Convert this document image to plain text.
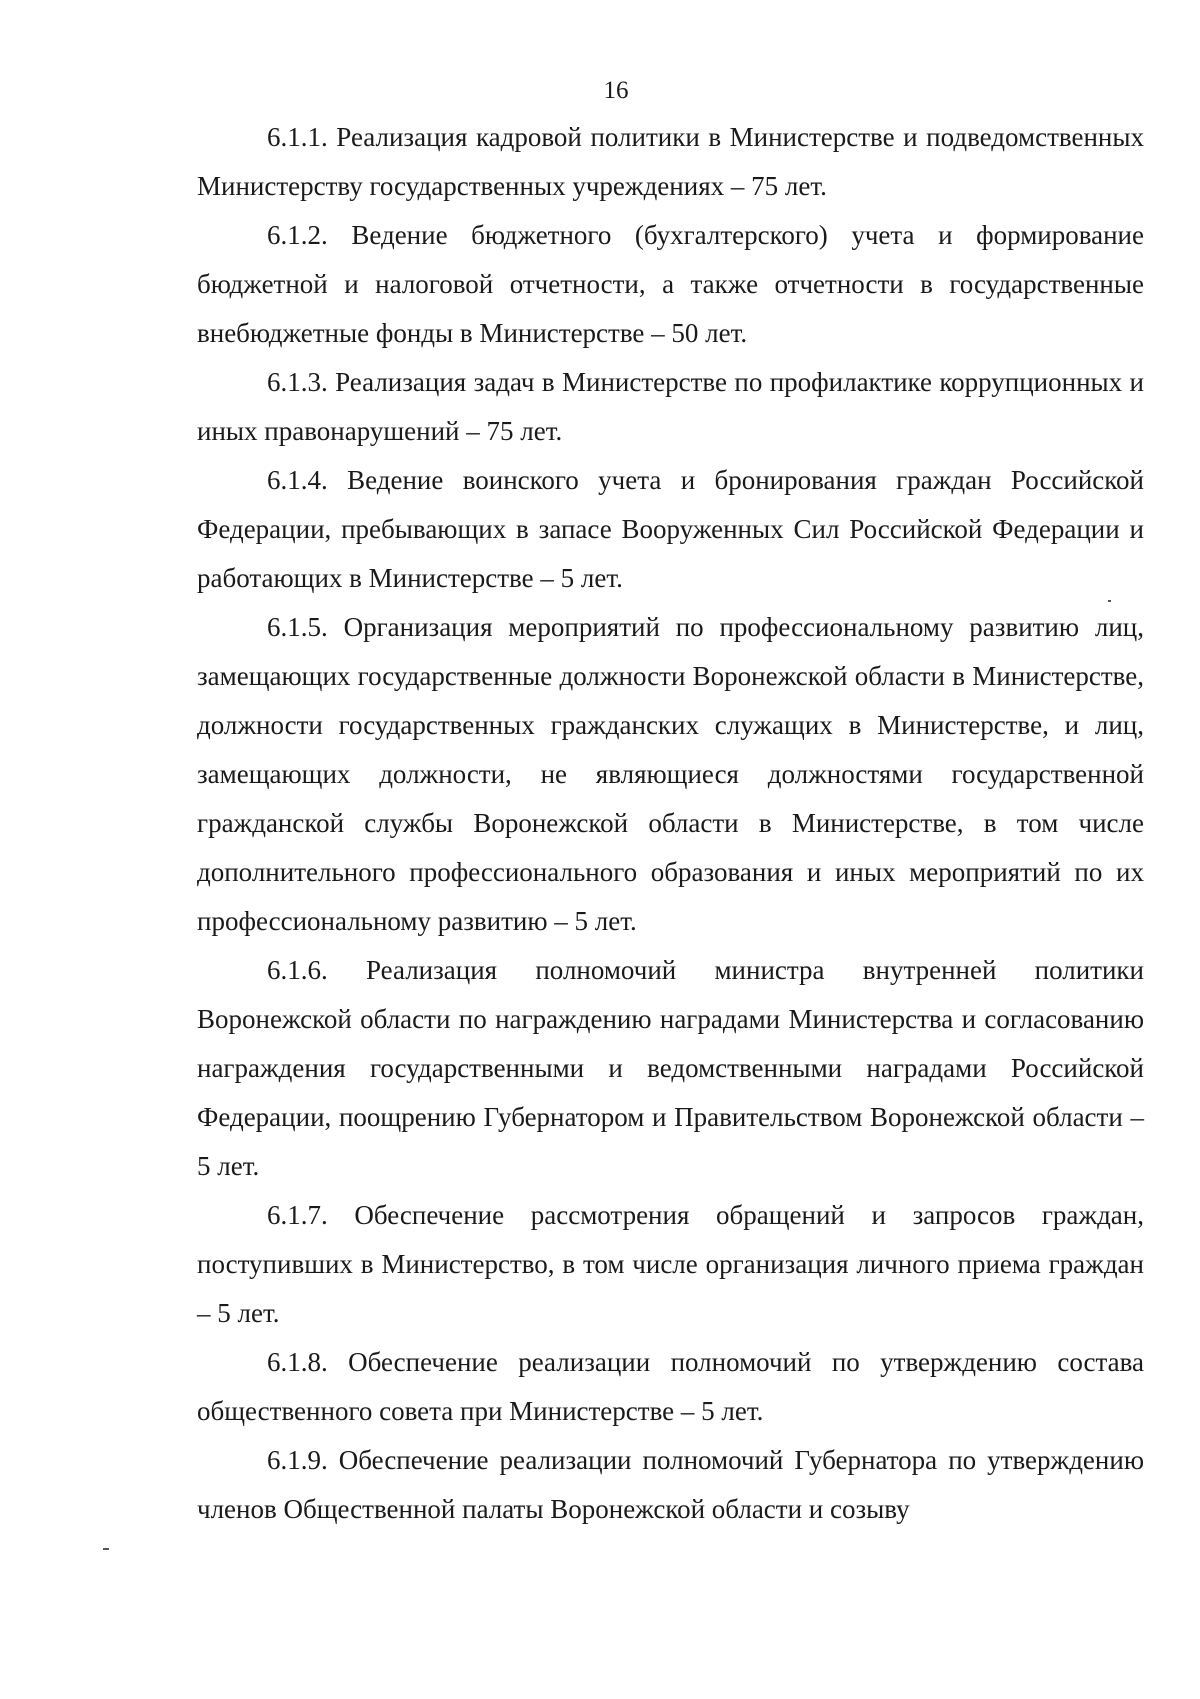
16

6.1.1. Реализация кадровой политики в Министерстве и подведомственных Министерству государственных учреждениях – 75 лет.

6.1.2. Ведение бюджетного (бухгалтерского) учета и формирование бюджетной и налоговой отчетности, а также отчетности в государственные внебюджетные фонды в Министерстве – 50 лет.

6.1.3. Реализация задач в Министерстве по профилактике коррупционных и иных правонарушений – 75 лет.

6.1.4. Ведение воинского учета и бронирования граждан Российской Федерации, пребывающих в запасе Вооруженных Сил Российской Федерации и работающих в Министерстве – 5 лет.

6.1.5. Организация мероприятий по профессиональному развитию лиц, замещающих государственные должности Воронежской области в Министерстве, должности государственных гражданских служащих в Министерстве, и лиц, замещающих должности, не являющиеся должностями государственной гражданской службы Воронежской области в Министерстве, в том числе дополнительного профессионального образования и иных мероприятий по их профессиональному развитию – 5 лет.

6.1.6. Реализация полномочий министра внутренней политики Воронежской области по награждению наградами Министерства и согласованию награждения государственными и ведомственными наградами Российской Федерации, поощрению Губернатором и Правительством Воронежской области – 5 лет.

6.1.7. Обеспечение рассмотрения обращений и запросов граждан, поступивших в Министерство, в том числе организация личного приема граждан – 5 лет.

6.1.8. Обеспечение реализации полномочий по утверждению состава общественного совета при Министерстве – 5 лет.

6.1.9. Обеспечение реализации полномочий Губернатора по утверждению членов Общественной палаты Воронежской области и созыву
